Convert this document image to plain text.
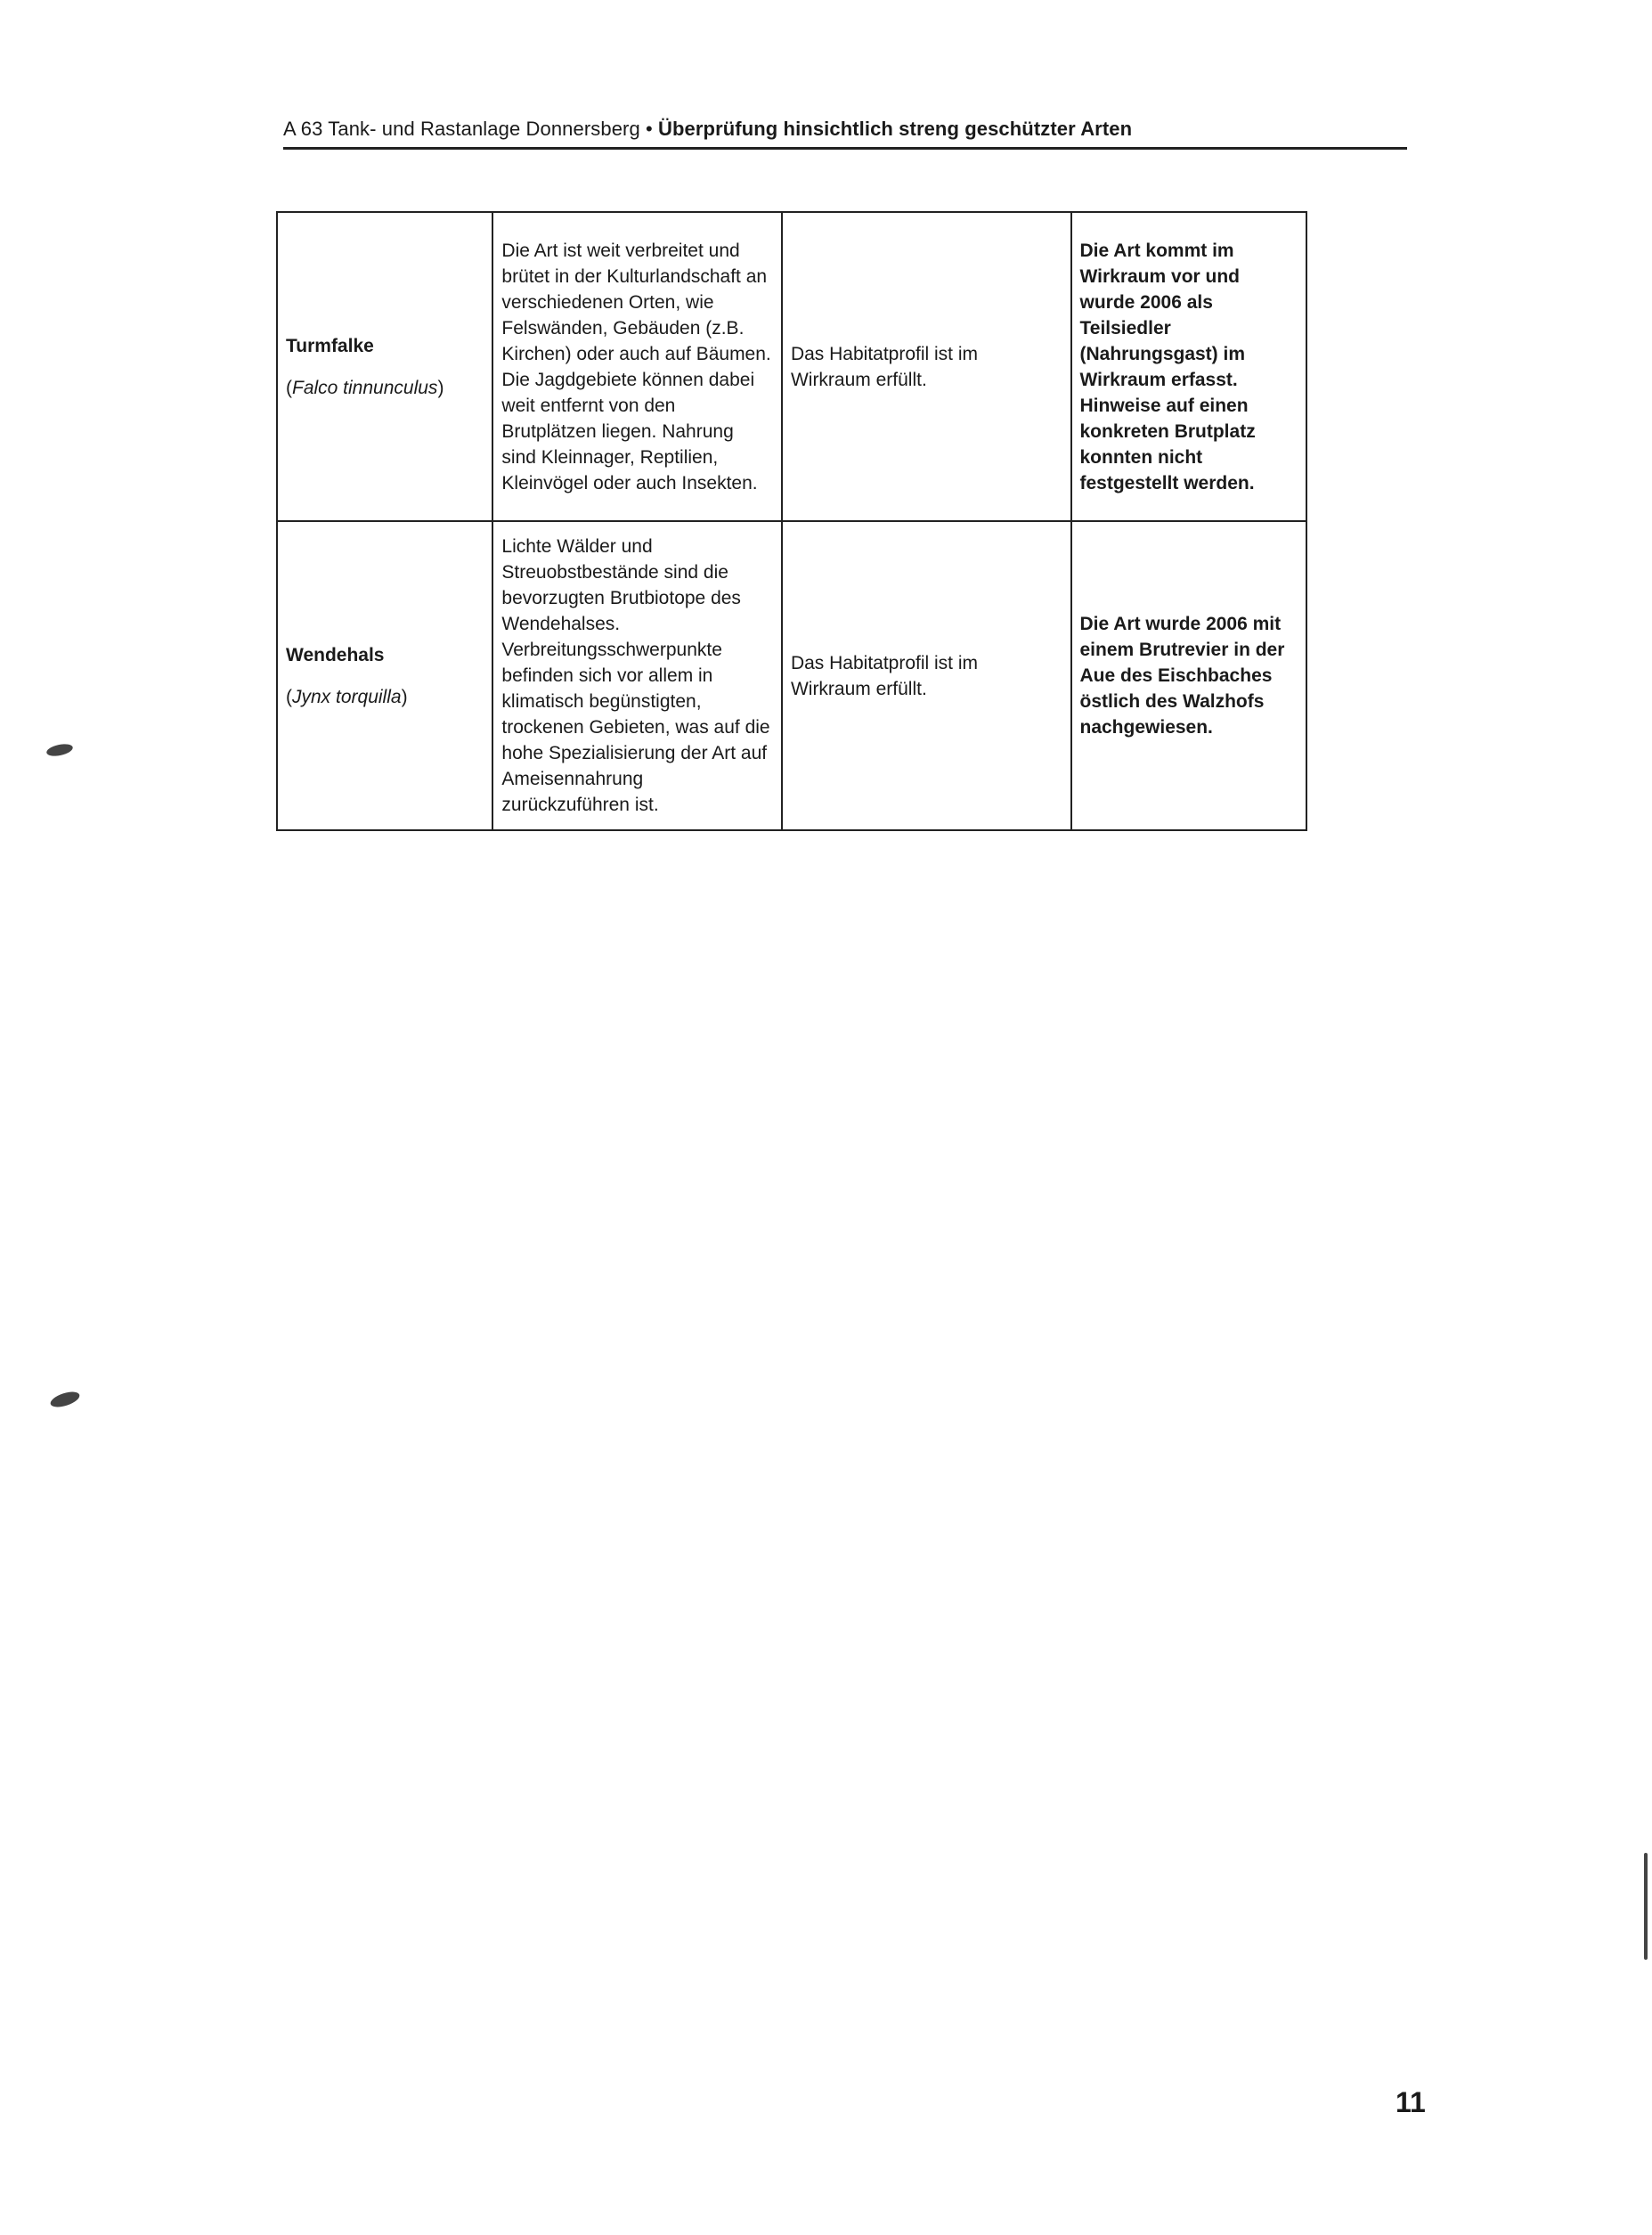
A 63 Tank- und Rastanlage Donnersberg • Überprüfung hinsichtlich streng geschützter Arten
Turmfalke
(Falco tinnunculus)	Die Art ist weit verbreitet und brütet in der Kulturlandschaft an verschiedenen Orten, wie Felswänden, Gebäuden (z.B. Kirchen) oder auch auf Bäumen. Die Jagdgebiete können dabei weit entfernt von den Brutplätzen liegen. Nahrung sind Kleinnager, Reptilien, Kleinvögel oder auch Insekten.	Das Habitatprofil ist im Wirkraum erfüllt.	Die Art kommt im Wirkraum vor und wurde 2006 als Teilsiedler (Nahrungsgast) im Wirkraum erfasst. Hinweise auf einen konkreten Brutplatz konnten nicht festgestellt werden.

Wendehals
(Jynx torquilla)	Lichte Wälder und Streuobstbestände sind die bevorzugten Brutbiotope des Wendehalses. Verbreitungsschwerpunkte befinden sich vor allem in klimatisch begünstigten, trockenen Gebieten, was auf die hohe Spezialisierung der Art auf Ameisennahrung zurückzuführen ist.	Das Habitatprofil ist im Wirkraum erfüllt.	Die Art wurde 2006 mit einem Brutrevier in der Aue des Eischbaches östlich des Walzhofs nachgewiesen.
11
